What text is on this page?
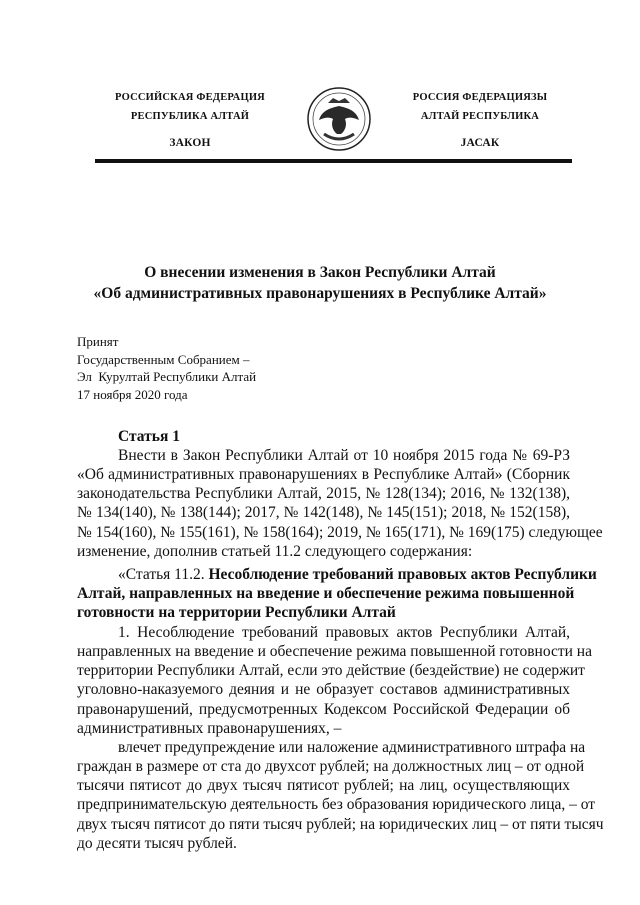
РОССИЙСКАЯ ФЕДЕРАЦИЯ
РЕСПУБЛИКА АЛТАЙ
ЗАКОН
РОССИЯ ФЕДЕРАЦИЯЗЫ
АЛТАЙ РЕСПУБЛИКА
JАСАК
О внесении изменения в Закон Республики Алтай
«Об административных правонарушениях в Республике Алтай»
Принят
Государственным Собранием –
Эл  Курултай Республики Алтай
17 ноября 2020 года
Статья 1
Внести в Закон Республики Алтай от 10 ноября 2015 года № 69-РЗ
«Об административных правонарушениях в Республике Алтай» (Сборник
законодательства Республики Алтай, 2015, № 128(134); 2016, № 132(138),
№ 134(140), № 138(144); 2017, № 142(148), № 145(151); 2018, № 152(158),
№ 154(160), № 155(161), № 158(164); 2019, № 165(171), № 169(175) следующее
изменение, дополнив статьей 11.2 следующего содержания:
«Статья 11.2. Несоблюдение требований правовых актов Республики
Алтай, направленных на введение и обеспечение режима повышенной
готовности на территории Республики Алтай
1. Несоблюдение требований правовых актов Республики Алтай,
направленных на введение и обеспечение режима повышенной готовности на
территории Республики Алтай, если это действие (бездействие) не содержит
уголовно-наказуемого деяния и не образует составов административных
правонарушений, предусмотренных Кодексом Российской Федерации об
административных правонарушениях, –
влечет предупреждение или наложение административного штрафа на
граждан в размере от ста до двухсот рублей; на должностных лиц – от одной
тысячи пятисот до двух тысяч пятисот рублей; на лиц, осуществляющих
предпринимательскую деятельность без образования юридического лица, – от
двух тысяч пятисот до пяти тысяч рублей; на юридических лиц – от пяти тысяч
до десяти тысяч рублей.
